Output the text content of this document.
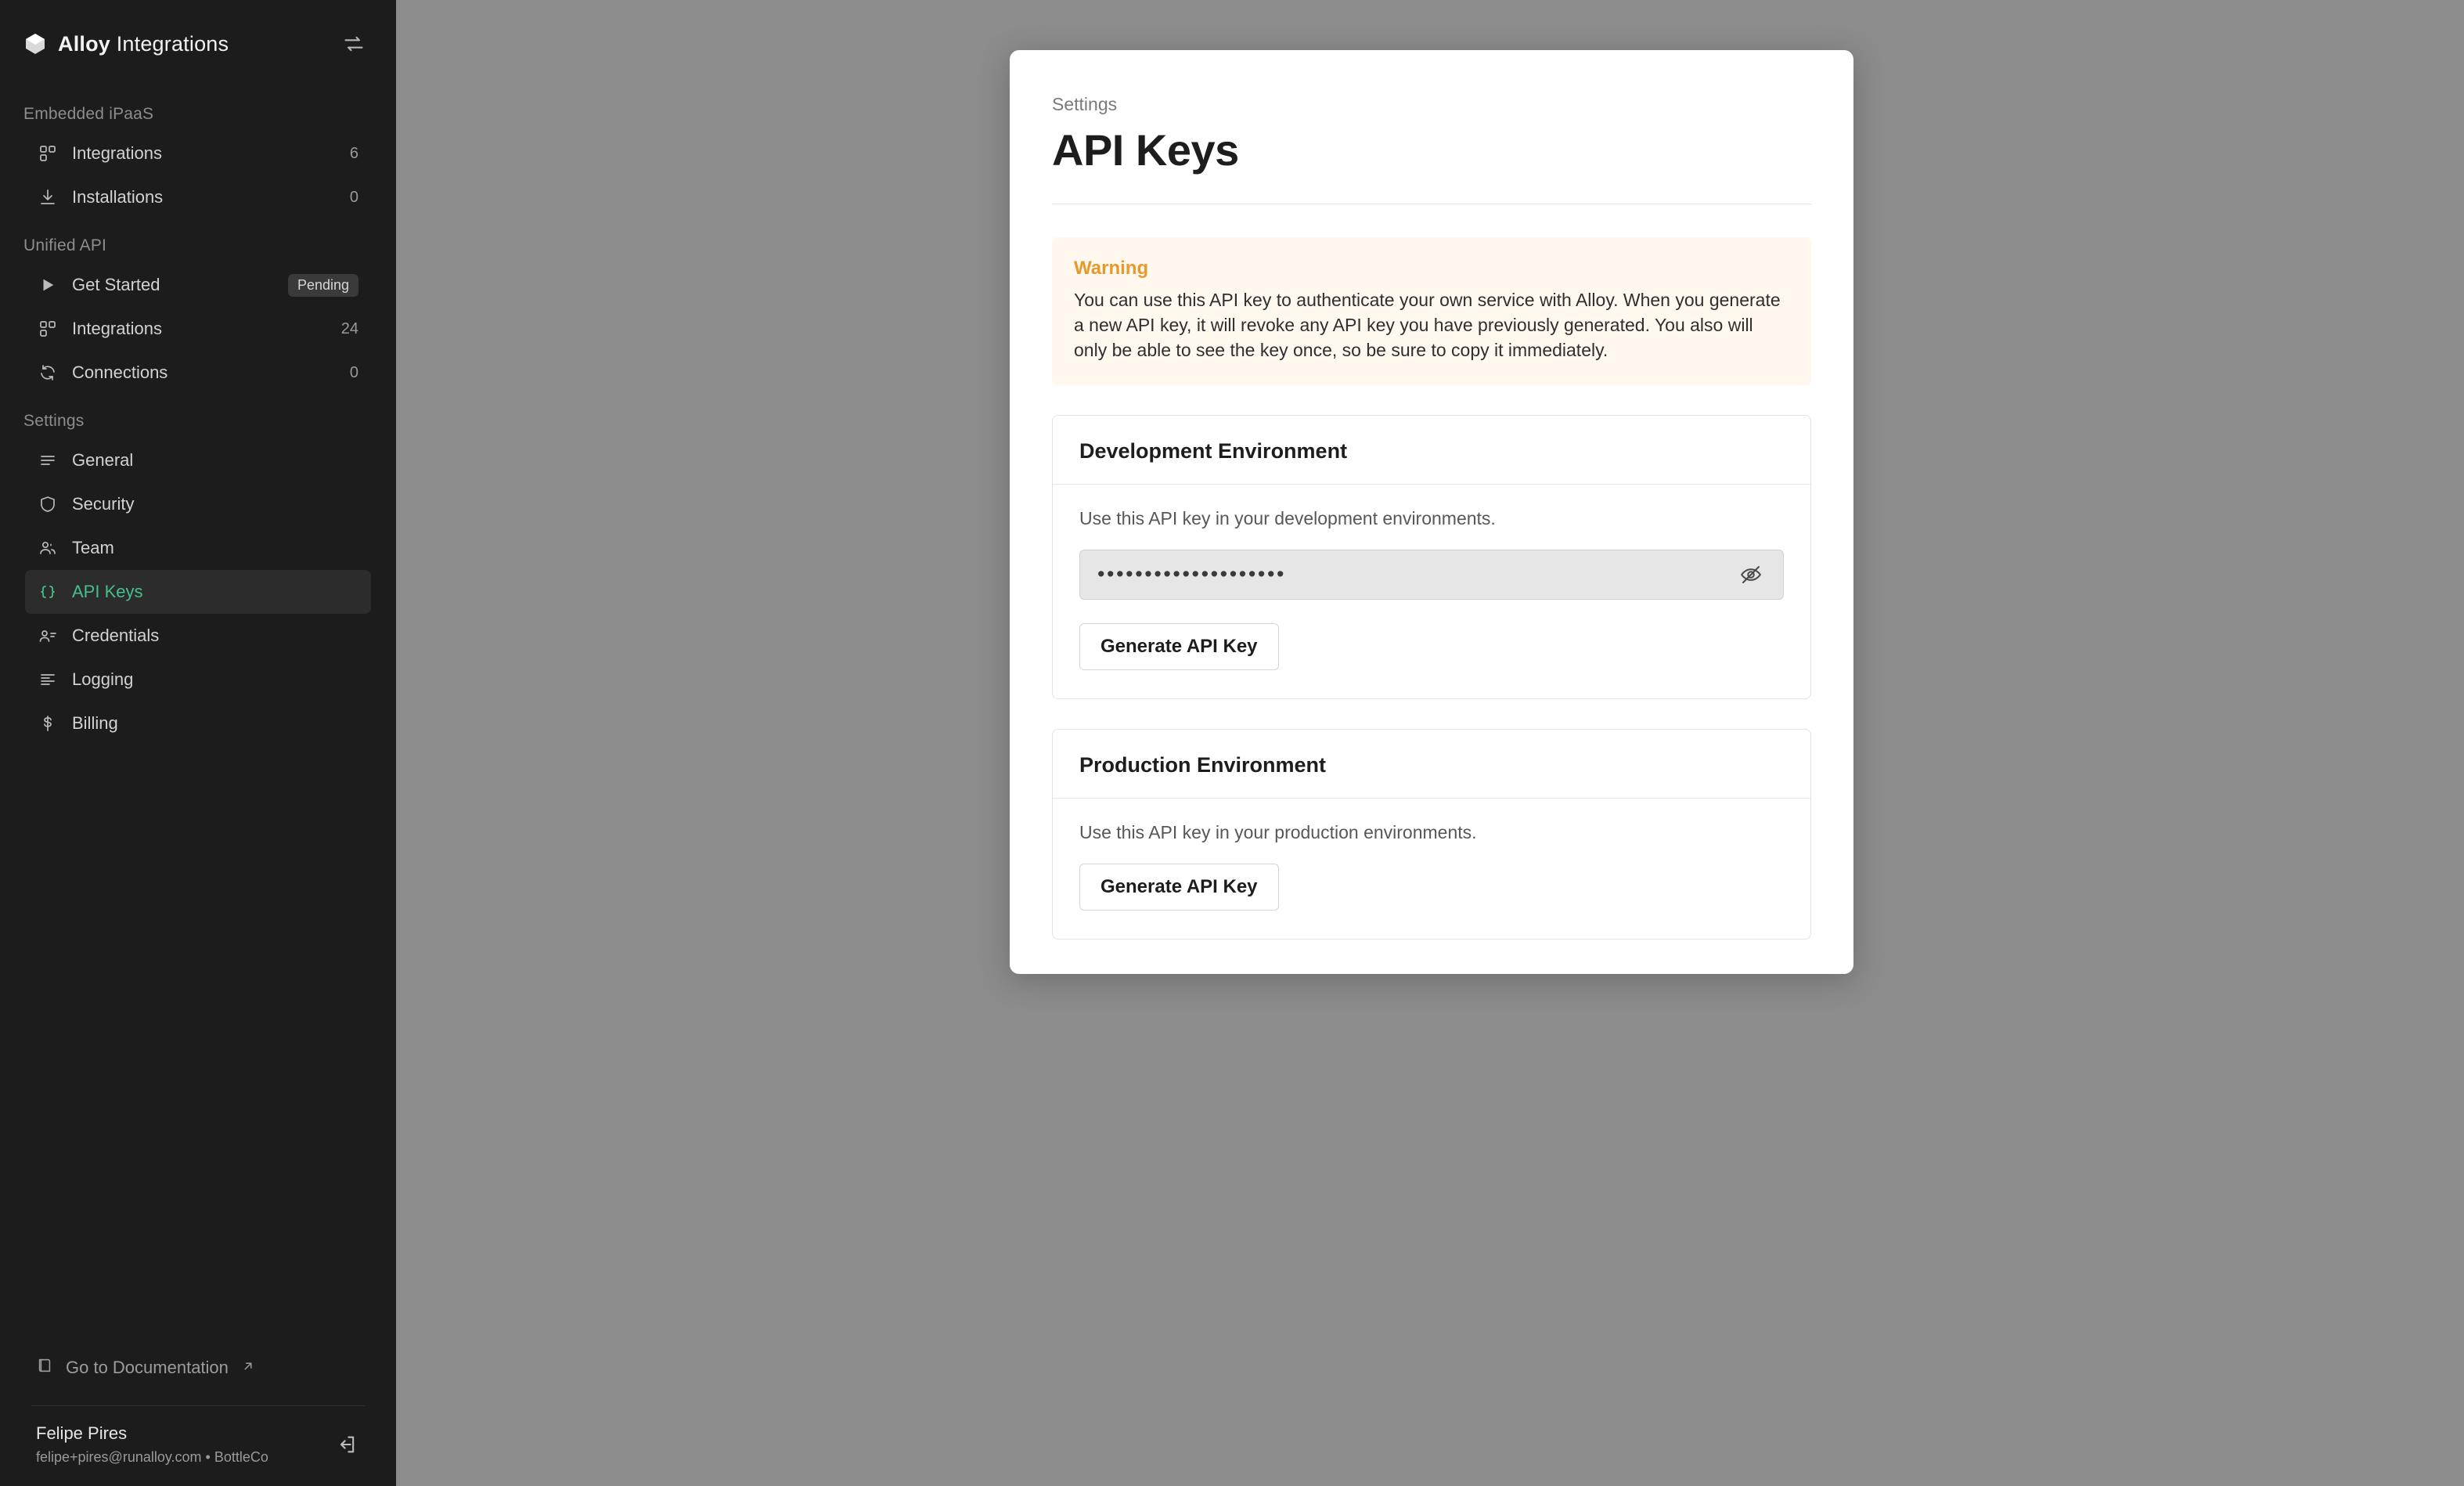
Alloy Integrations
Embedded iPaaS
Integrations	6
Installations	0
Unified API
Get Started	Pending
Integrations	24
Connections	0
Settings
General
Security
Team
API Keys
Credentials
Logging
Billing
Go to Documentation
Felipe Pires
felipe+pires@runalloy.com • BottleCo
Settings
API Keys
Warning
You can use this API key to authenticate your own service with Alloy. When you generate a new API key, it will revoke any API key you have previously generated. You also will only be able to see the key once, so be sure to copy it immediately.
Development Environment
Use this API key in your development environments.
••••••••••••••••••••
Generate API Key
Production Environment
Use this API key in your production environments.
Generate API Key
